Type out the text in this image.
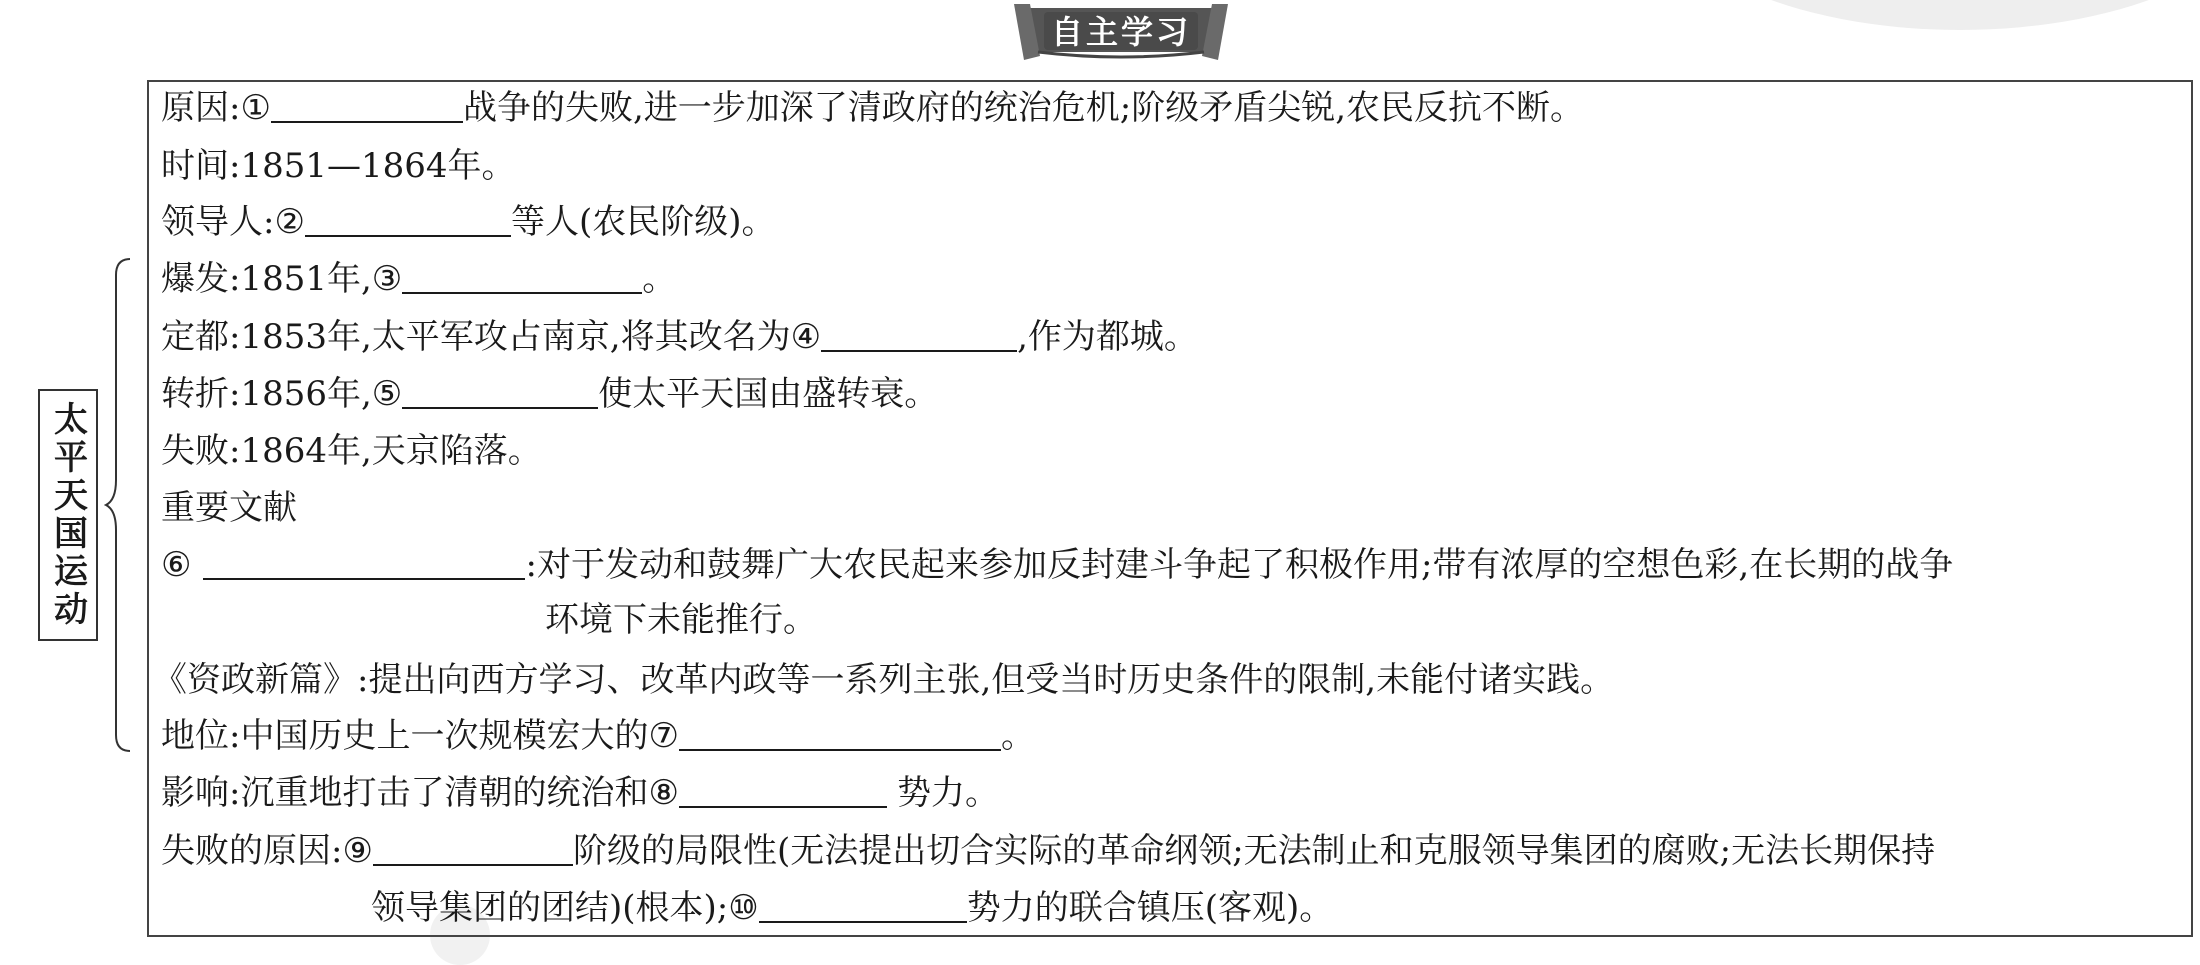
自主学习
太平天国运动
原因:①	战争的失败,进一步加深了清政府的统治危机;阶级矛盾尖锐,农民反抗不断。
时间:1851—1864年。
领导人:②	等人(农民阶级)。
爆发:1851年,③	。
定都:1853年,太平军攻占南京,将其改名为④	,作为都城。
转折:1856年,⑤	使太平天国由盛转衰。
失败:1864年,天京陷落。
重要文献
⑥	:对于发动和鼓舞广大农民起来参加反封建斗争起了积极作用;带有浓厚的空想色彩,在长期的战争
环境下未能推行。
《资政新篇》:提出向西方学习、改革内政等一系列主张,但受当时历史条件的限制,未能付诸实践。
地位:中国历史上一次规模宏大的⑦	。
影响:沉重地打击了清朝的统治和⑧	势力。
失败的原因:⑨	阶级的局限性(无法提出切合实际的革命纲领;无法制止和克服领导集团的腐败;无法长期保持
领导集团的团结)(根本);⑩	势力的联合镇压(客观)。
